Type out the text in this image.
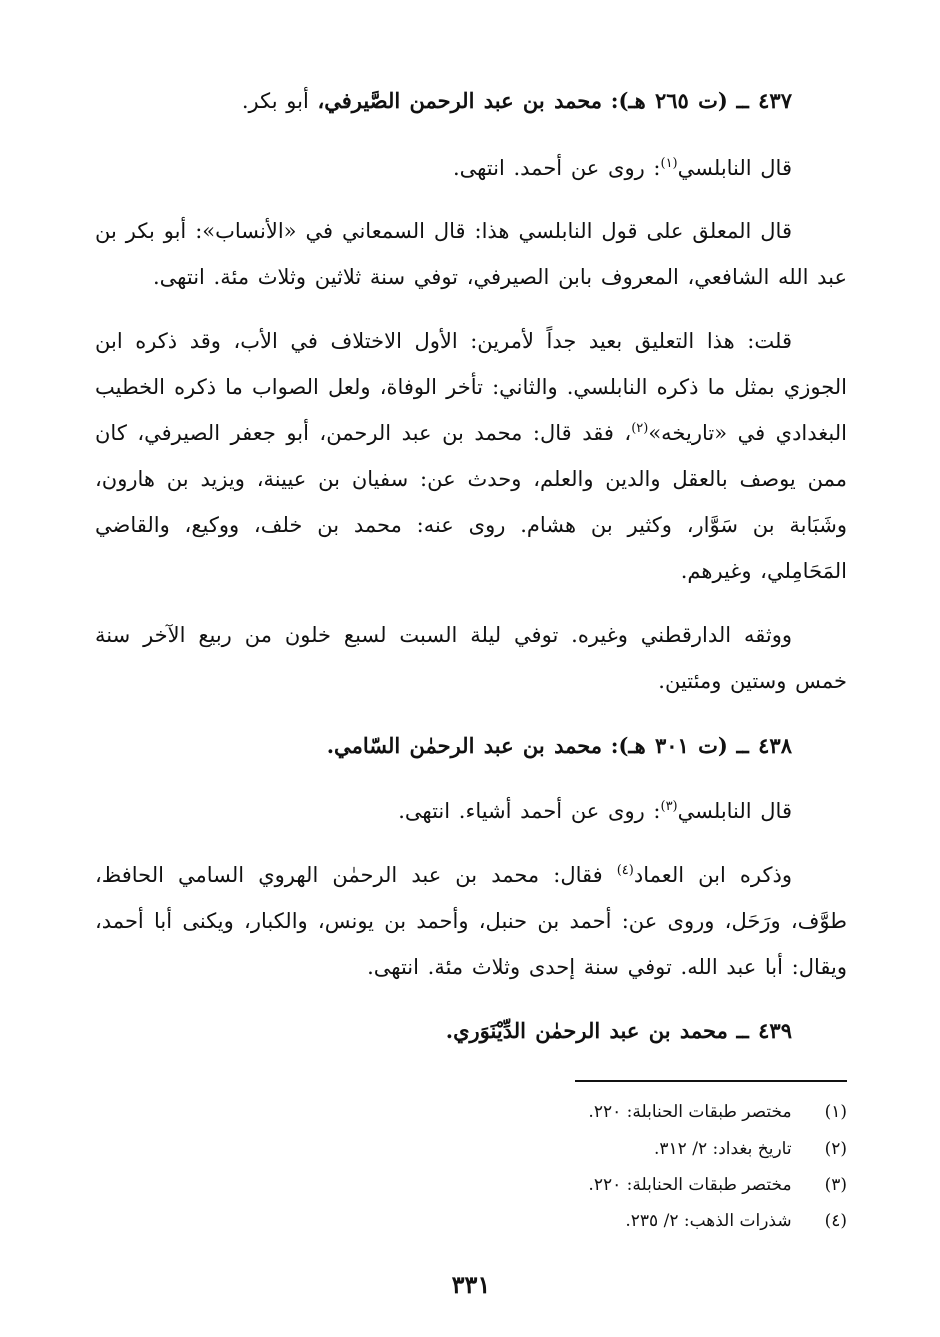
٤٣٧ ــ (ت ٢٦٥ هـ): محمد بن عبد الرحمن الصَّيرفي، أبو بكر.
قال النابلسي$^{(١)}$: روى عن أحمد. انتهى.
قال المعلق على قول النابلسي هذا: قال السمعاني في «الأنساب»: أبو بكر بن عبد الله الشافعي، المعروف بابن الصيرفي، توفي سنة ثلاثين وثلاث مئة. انتهى.
قلت: هذا التعليق بعيد جداً لأمرين: الأول الاختلاف في الأب، وقد ذكره ابن الجوزي بمثل ما ذكره النابلسي. والثاني: تأخر الوفاة، ولعل الصواب ما ذكره الخطيب البغدادي في «تاريخه»$^{(٢)}$، فقد قال: محمد بن عبد الرحمن، أبو جعفر الصيرفي، كان ممن يوصف بالعقل والدين والعلم، وحدث عن: سفيان بن عيينة، ويزيد بن هارون، وشَبَابة بن سَوَّار، وكثير بن هشام. روى عنه: محمد بن خلف، ووكيع، والقاضي المَحَامِلي، وغيرهم.
ووثقه الدارقطني وغيره. توفي ليلة السبت لسبع خلون من ربيع الآخر سنة خمس وستين ومئتين.
٤٣٨ ــ (ت ٣٠١ هـ): محمد بن عبد الرحمٰن السّامي.
قال النابلسي$^{(٣)}$: روى عن أحمد أشياء. انتهى.
وذكره ابن العماد$^{(٤)}$ فقال: محمد بن عبد الرحمٰن الهروي السامي الحافظ، طوَّف، ورَحَل، وروى عن: أحمد بن حنبل، وأحمد بن يونس، والكبار، ويكنى أبا أحمد، ويقال: أبا عبد الله. توفي سنة إحدى وثلاث مئة. انتهى.
٤٣٩ ــ محمد بن عبد الرحمٰن الدِّيْنَوَري.
(١) مختصر طبقات الحنابلة: ٢٢٠.
(٢) تاريخ بغداد: ٢/ ٣١٢.
(٣) مختصر طبقات الحنابلة: ٢٢٠.
(٤) شذرات الذهب: ٢/ ٢٣٥.
٣٣١
